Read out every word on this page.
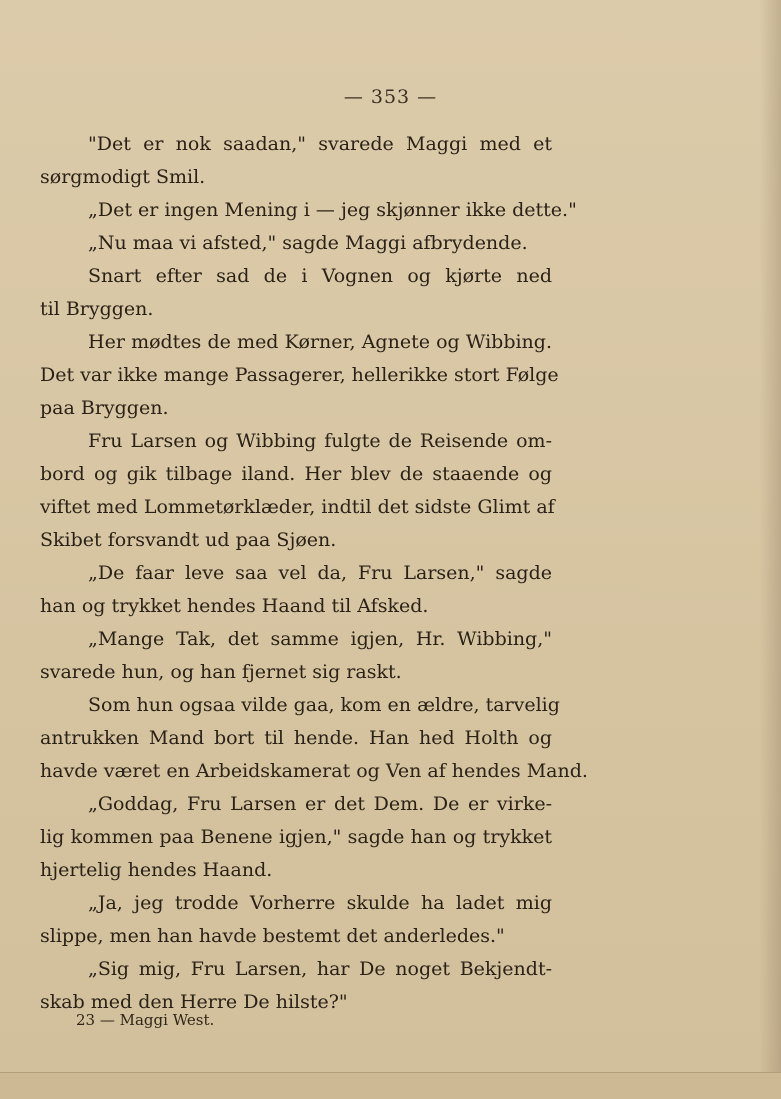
— 353 —
"Det er nok saadan," svarede Maggi med et
sørgmodigt Smil.
„Det er ingen Mening i — jeg skjønner ikke dette."
„Nu maa vi afsted," sagde Maggi afbrydende.
Snart efter sad de i Vognen og kjørte ned
til Bryggen.
Her mødtes de med Kørner, Agnete og Wibbing.
Det var ikke mange Passagerer, hellerikke stort Følge
paa Bryggen.
Fru Larsen og Wibbing fulgte de Reisende om-
bord og gik tilbage iland. Her blev de staaende og
viftet med Lommetørklæder, indtil det sidste Glimt af
Skibet forsvandt ud paa Sjøen.
„De faar leve saa vel da, Fru Larsen," sagde
han og trykket hendes Haand til Afsked.
„Mange Tak, det samme igjen, Hr. Wibbing,"
svarede hun, og han fjernet sig raskt.
Som hun ogsaa vilde gaa, kom en ældre, tarvelig
antrukken Mand bort til hende. Han hed Holth og
havde været en Arbeidskamerat og Ven af hendes Mand.
„Goddag, Fru Larsen er det Dem. De er virke-
lig kommen paa Benene igjen," sagde han og trykket
hjertelig hendes Haand.
„Ja, jeg trodde Vorherre skulde ha ladet mig
slippe, men han havde bestemt det anderledes."
„Sig mig, Fru Larsen, har De noget Bekjendt-
skab med den Herre De hilste?"
23 — Maggi West.
